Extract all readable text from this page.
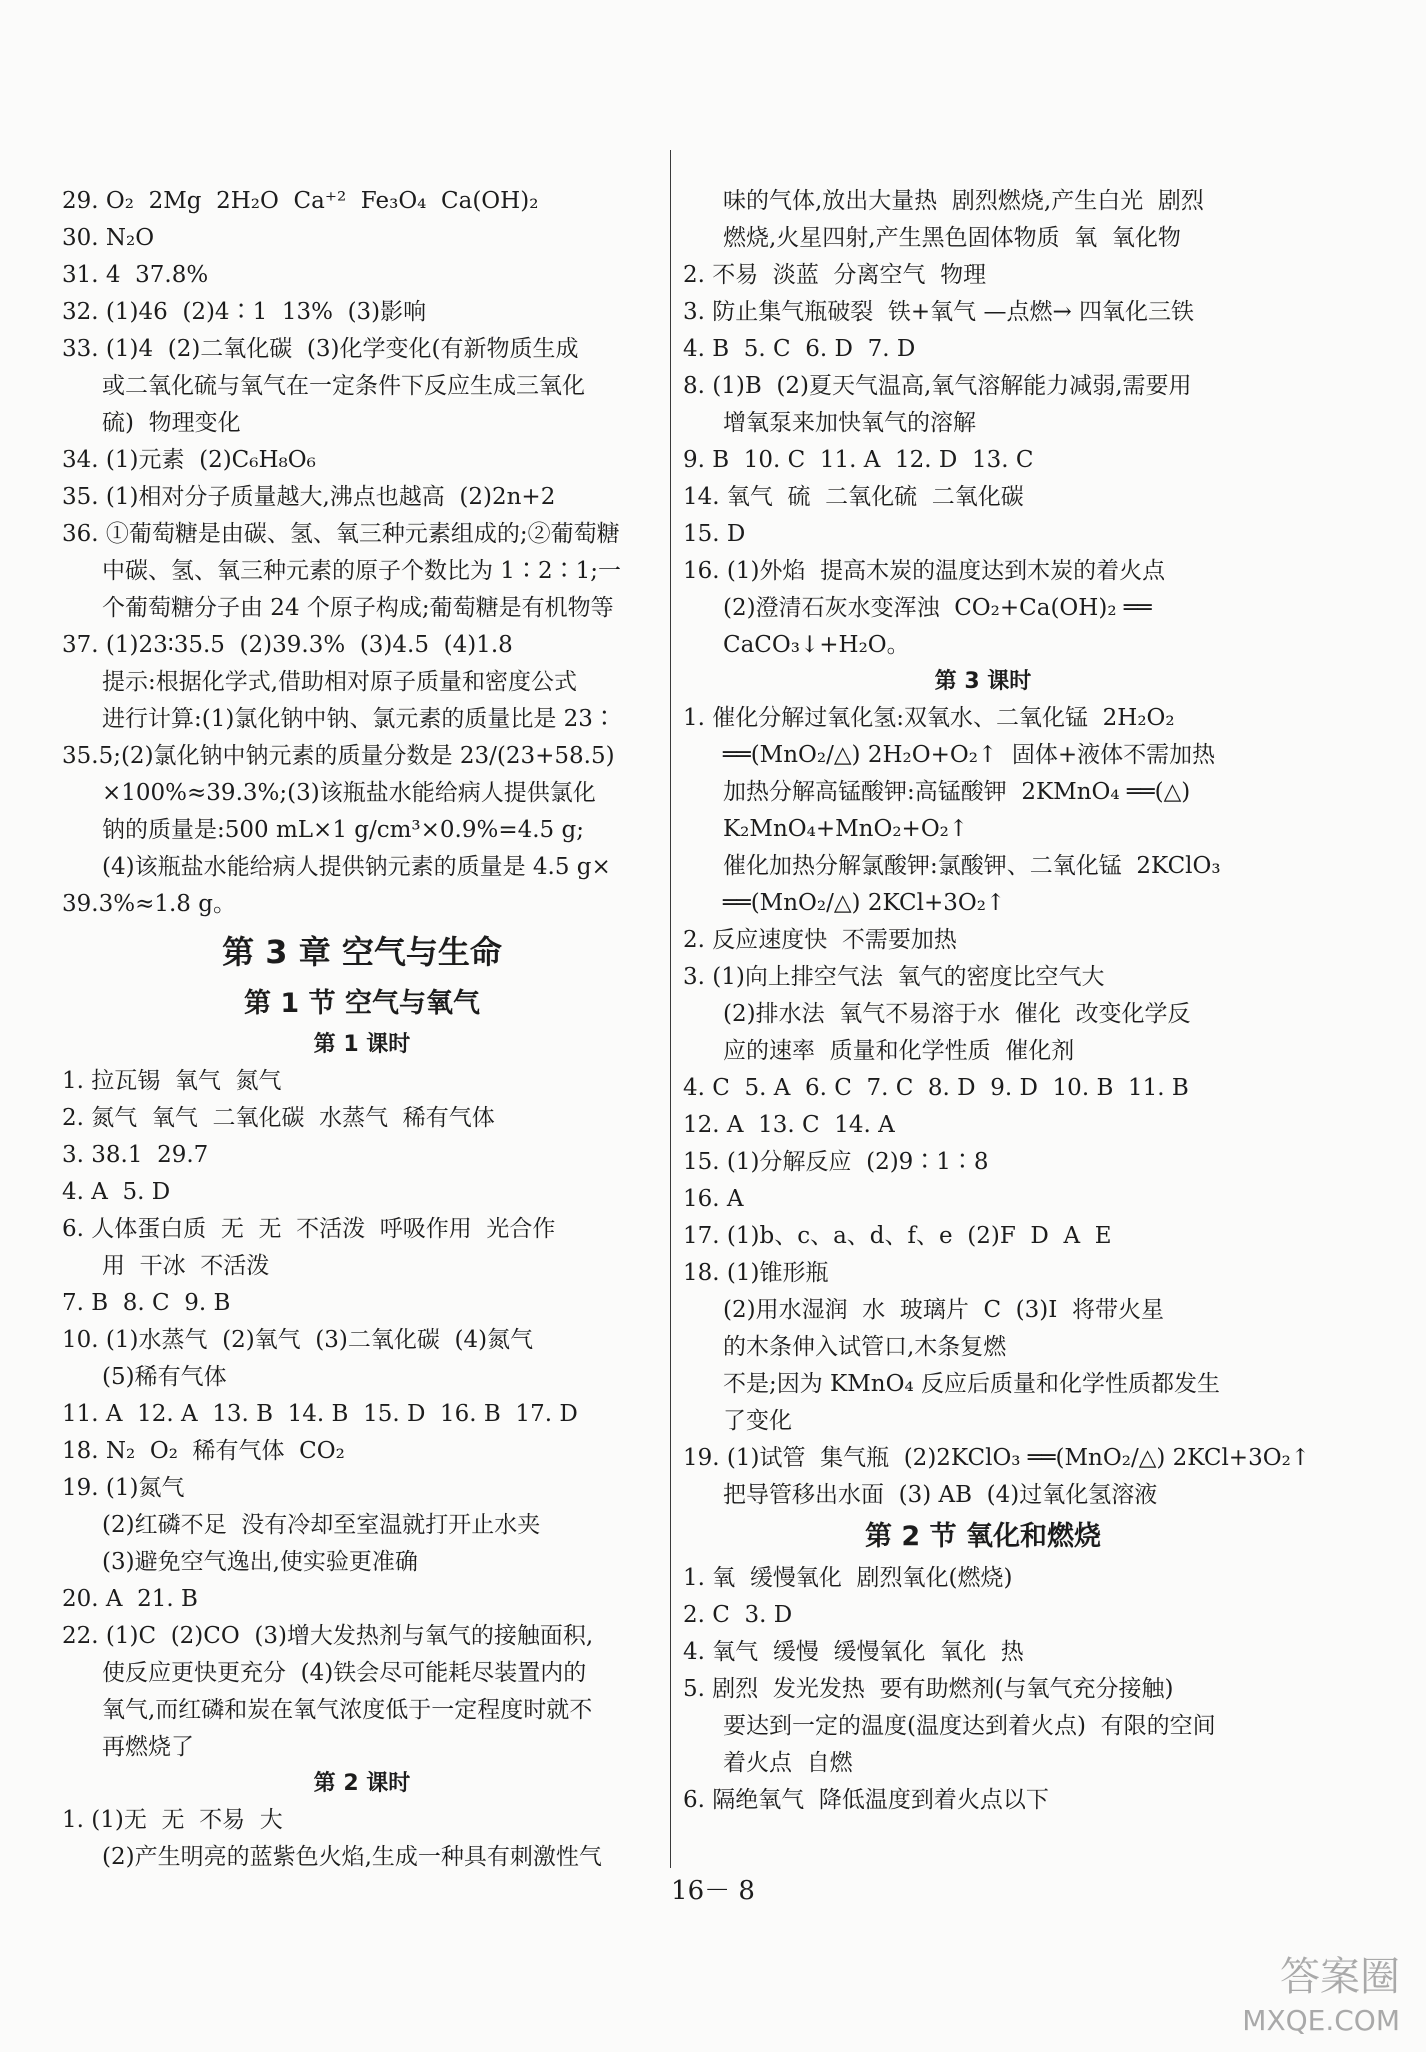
29. O₂  2Mg  2H₂O  Ca⁺²  Fe₃O₄  Ca(OH)₂
30. N₂O
31. 4  37.8%
32. (1)46  (2)4∶1  13%  (3)影响
33. (1)4  (2)二氧化碳  (3)化学变化(有新物质生成
或二氧化硫与氧气在一定条件下反应生成三氧化
硫)  物理变化
34. (1)元素  (2)C₆H₈O₆
35. (1)相对分子质量越大,沸点也越高  (2)2n+2
36. ①葡萄糖是由碳、氢、氧三种元素组成的;②葡萄糖
中碳、氢、氧三种元素的原子个数比为 1∶2∶1;一
个葡萄糖分子由 24 个原子构成;葡萄糖是有机物等
37. (1)23∶35.5  (2)39.3%  (3)4.5  (4)1.8
提示:根据化学式,借助相对原子质量和密度公式
进行计算:(1)氯化钠中钠、氯元素的质量比是 23∶
35.5;(2)氯化钠中钠元素的质量分数是 23/(23+58.5)
×100%≈39.3%;(3)该瓶盐水能给病人提供氯化
钠的质量是:500 mL×1 g/cm³×0.9%=4.5 g;
(4)该瓶盐水能给病人提供钠元素的质量是 4.5 g×
39.3%≈1.8 g。
第 3 章 空气与生命
第 1 节 空气与氧气
第 1 课时
1. 拉瓦锡  氧气  氮气
2. 氮气  氧气  二氧化碳  水蒸气  稀有气体
3. 38.1  29.7
4. A  5. D
6. 人体蛋白质  无  无  不活泼  呼吸作用  光合作
用  干冰  不活泼
7. B  8. C  9. B
10. (1)水蒸气  (2)氧气  (3)二氧化碳  (4)氮气
(5)稀有气体
11. A  12. A  13. B  14. B  15. D  16. B  17. D
18. N₂  O₂  稀有气体  CO₂
19. (1)氮气
(2)红磷不足  没有冷却至室温就打开止水夹
(3)避免空气逸出,使实验更准确
20. A  21. B
22. (1)C  (2)CO  (3)增大发热剂与氧气的接触面积,
使反应更快更充分  (4)铁会尽可能耗尽装置内的
氧气,而红磷和炭在氧气浓度低于一定程度时就不
再燃烧了
第 2 课时
1. (1)无  无  不易  大
(2)产生明亮的蓝紫色火焰,生成一种具有刺激性气
味的气体,放出大量热  剧烈燃烧,产生白光  剧烈
燃烧,火星四射,产生黑色固体物质  氧  氧化物
2. 不易  淡蓝  分离空气  物理
3. 防止集气瓶破裂  铁+氧气 —点燃→ 四氧化三铁
4. B  5. C  6. D  7. D
8. (1)B  (2)夏天气温高,氧气溶解能力减弱,需要用
增氧泵来加快氧气的溶解
9. B  10. C  11. A  12. D  13. C
14. 氧气  硫  二氧化硫  二氧化碳
15. D
16. (1)外焰  提高木炭的温度达到木炭的着火点
(2)澄清石灰水变浑浊  CO₂+Ca(OH)₂ ══
CaCO₃↓+H₂O。
第 3 课时
1. 催化分解过氧化氢:双氧水、二氧化锰  2H₂O₂
══(MnO₂/△) 2H₂O+O₂↑  固体+液体不需加热
加热分解高锰酸钾:高锰酸钾  2KMnO₄ ══(△)
K₂MnO₄+MnO₂+O₂↑
催化加热分解氯酸钾:氯酸钾、二氧化锰  2KClO₃
══(MnO₂/△) 2KCl+3O₂↑
2. 反应速度快  不需要加热
3. (1)向上排空气法  氧气的密度比空气大
(2)排水法  氧气不易溶于水  催化  改变化学反
应的速率  质量和化学性质  催化剂
4. C  5. A  6. C  7. C  8. D  9. D  10. B  11. B
12. A  13. C  14. A
15. (1)分解反应  (2)9∶1∶8
16. A
17. (1)b、c、a、d、f、e  (2)F  D  A  E
18. (1)锥形瓶
(2)用水湿润  水  玻璃片  C  (3)Ⅰ  将带火星
的木条伸入试管口,木条复燃
不是;因为 KMnO₄ 反应后质量和化学性质都发生
了变化
19. (1)试管  集气瓶  (2)2KClO₃ ══(MnO₂/△) 2KCl+3O₂↑
把导管移出水面  (3) AB  (4)过氧化氢溶液
第 2 节 氧化和燃烧
1. 氧  缓慢氧化  剧烈氧化(燃烧)
2. C  3. D
4. 氧气  缓慢  缓慢氧化  氧化  热
5. 剧烈  发光发热  要有助燃剂(与氧气充分接触)
要达到一定的温度(温度达到着火点)  有限的空间
着火点  自燃
6. 隔绝氧气  降低温度到着火点以下
16－ 8
答案圈
MXQE.COM
